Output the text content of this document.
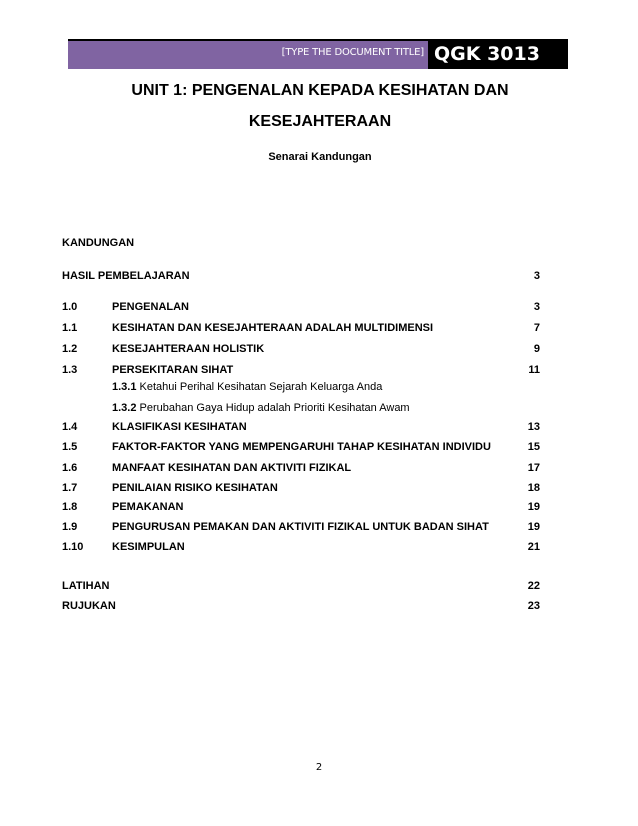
[TYPE THE DOCUMENT TITLE] QGK 3013
UNIT 1: PENGENALAN KEPADA KESIHATAN DAN
KESEJAHTERAAN
Senarai Kandungan
KANDUNGAN
HASIL PEMBELAJARAN	3
1.0	PENGENALAN	3
1.1	KESIHATAN DAN KESEJAHTERAAN ADALAH MULTIDIMENSI	7
1.2	KESEJAHTERAAN HOLISTIK	9
1.3	PERSEKITARAN SIHAT	11
1.3.1 Ketahui Perihal Kesihatan Sejarah Keluarga Anda
1.3.2 Perubahan Gaya Hidup adalah Prioriti Kesihatan Awam
1.4	KLASIFIKASI KESIHATAN	13
1.5	FAKTOR-FAKTOR YANG MEMPENGARUHI TAHAP KESIHATAN INDIVIDU	15
1.6	MANFAAT KESIHATAN DAN AKTIVITI FIZIKAL	17
1.7	PENILAIAN RISIKO KESIHATAN	18
1.8	PEMAKANAN	19
1.9	PENGURUSAN PEMAKAN DAN AKTIVITI FIZIKAL UNTUK BADAN SIHAT	19
1.10	KESIMPULAN	21
LATIHAN	22
RUJUKAN	23
2
